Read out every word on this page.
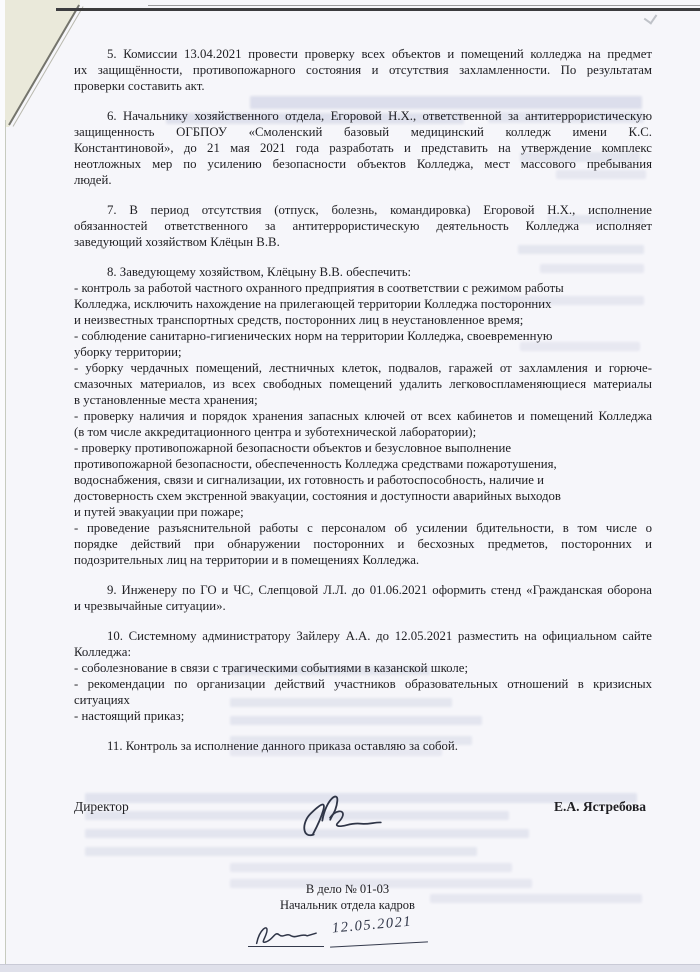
5. Комиссии 13.04.2021 провести проверку всех объектов и помещений колледжа на предмет
их защищённости, противопожарного состояния и отсутствия захламленности. По результатам
проверки составить акт.
6. Начальнику хозяйственного отдела, Егоровой Н.Х., ответственной за антитеррористическую
защищенность ОГБПОУ «Смоленский базовый медицинский колледж имени К.С.
Константиновой», до 21 мая 2021 года разработать и представить на утверждение комплекс
неотложных мер по усилению безопасности объектов Колледжа, мест массового пребывания
людей.
7. В период отсутствия (отпуск, болезнь, командировка) Егоровой Н.Х., исполнение
обязанностей ответственного за антитеррористическую деятельность Колледжа исполняет
заведующий хозяйством Клёцын В.В.
8. Заведующему хозяйством, Клёцыну В.В. обеспечить:
- контроль за работой частного охранного предприятия в соответствии с режимом работы
Колледжа, исключить нахождение на прилегающей территории Колледжа посторонних
и неизвестных транспортных средств, посторонних лиц в неустановленное время;
- соблюдение санитарно-гигиенических норм на территории Колледжа, своевременную
уборку территории;
- уборку чердачных помещений, лестничных клеток, подвалов, гаражей от захламления и горюче-
смазочных материалов, из всех свободных помещений удалить легковоспламеняющиеся материалы
в установленные места хранения;
- проверку наличия и порядок хранения запасных ключей от всех кабинетов и помещений Колледжа
(в том числе аккредитационного центра и зуботехнической лаборатории);
- проверку противопожарной безопасности объектов и безусловное выполнение
противопожарной безопасности, обеспеченность Колледжа средствами пожаротушения,
водоснабжения, связи и сигнализации, их готовность и работоспособность, наличие и
достоверность схем экстренной эвакуации, состояния и доступности аварийных выходов
и путей эвакуации при пожаре;
- проведение разъяснительной работы с персоналом об усилении бдительности, в том числе о
порядке действий при обнаружении посторонних и бесхозных предметов, посторонних и
подозрительных лиц на территории и в помещениях Колледжа.
9. Инженеру по ГО и ЧС, Слепцовой Л.Л. до 01.06.2021 оформить стенд «Гражданская оборона
и чрезвычайные ситуации».
10. Системному администратору Зайлеру А.А. до 12.05.2021 разместить на официальном сайте
Колледжа:
- соболезнование в связи с трагическими событиями в казанской школе;
- рекомендации по организации действий участников образовательных отношений в кризисных
ситуациях
- настоящий приказ;
11. Контроль за исполнение данного приказа оставляю за собой.
Директор	Е.А. Ястребова
В дело № 01-03
Начальник отдела кадров
12.05.2021
